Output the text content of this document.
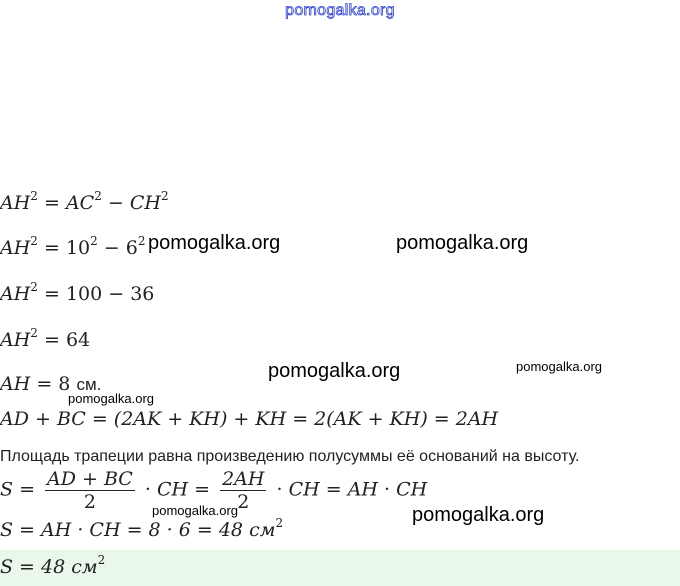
pomogalka.org
$AH^2 = AC^2 - CH^2$
$AH^2 = 10^2 - 6^2$
$AH^2 = 100 - 36$
$AH^2 = 64$
AH = 8 см.
AD + BC = (2AK + KH) + KH = 2(AK + KH) = 2AH
Площадь трапеции равна произведению полусуммы её оснований на высоту.
$S = \frac{AD + BC}{2}$ · CH = $\frac{2AH}{2}$ · CH = AH · CH
S = AH · CH = 8 · 6 = 48 $см^2$
S = 48 $см^2$
pomogalka.org	pomogalka.org
pomogalka.org	pomogalka.org
pomogalka.org
pomogalka.org	pomogalka.org
